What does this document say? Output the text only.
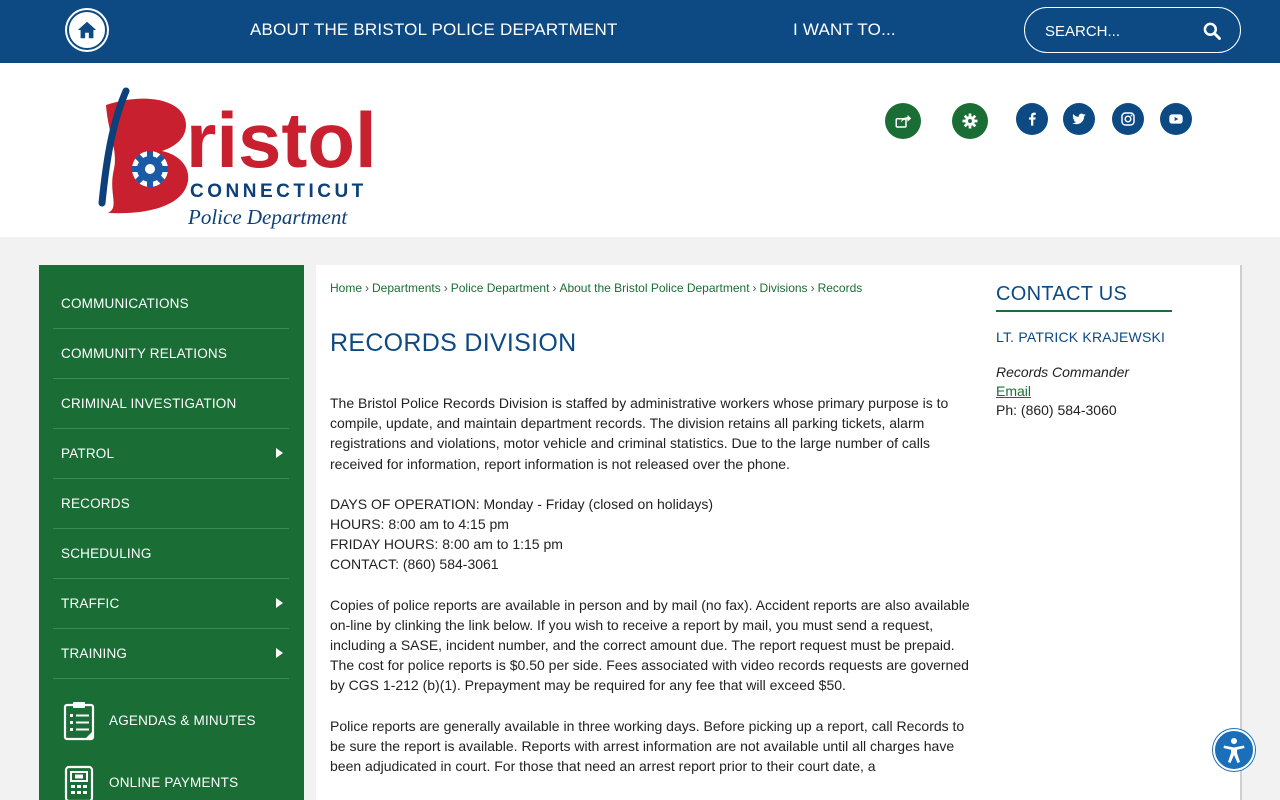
ABOUT THE BRISTOL POLICE DEPARTMENT	I WANT TO...
SEARCH...
ristol
CONNECTICUT
Police Department
COMMUNICATIONS
COMMUNITY RELATIONS
CRIMINAL INVESTIGATION
PATROL
RECORDS
SCHEDULING
TRAFFIC
TRAINING
AGENDAS & MINUTES
ONLINE PAYMENTS
Home › Departments › Police Department › About the Bristol Police Department › Divisions › Records
RECORDS DIVISION

The Bristol Police Records Division is staffed by administrative workers whose primary purpose is to compile, update, and maintain department records. The division retains all parking tickets, alarm registrations and violations, motor vehicle and criminal statistics. Due to the large number of calls received for information, report information is not released over the phone.

DAYS OF OPERATION: Monday - Friday (closed on holidays)
HOURS: 8:00 am to 4:15 pm
FRIDAY HOURS: 8:00 am to 1:15 pm
CONTACT: (860) 584-3061

Copies of police reports are available in person and by mail (no fax). Accident reports are also available on-line by clinking the link below. If you wish to receive a report by mail, you must send a request, including a SASE, incident number, and the correct amount due. The report request must be prepaid. The cost for police reports is $0.50 per side. Fees associated with video records requests are governed by CGS 1-212 (b)(1). Prepayment may be required for any fee that will exceed $50.

Police reports are generally available in three working days. Before picking up a report, call Records to be sure the report is available. Reports with arrest information are not available until all charges have been adjudicated in court. For those that need an arrest report prior to their court date, a

CONTACT US
LT. PATRICK KRAJEWSKI
Records Commander
Email
Ph: (860) 584-3060
